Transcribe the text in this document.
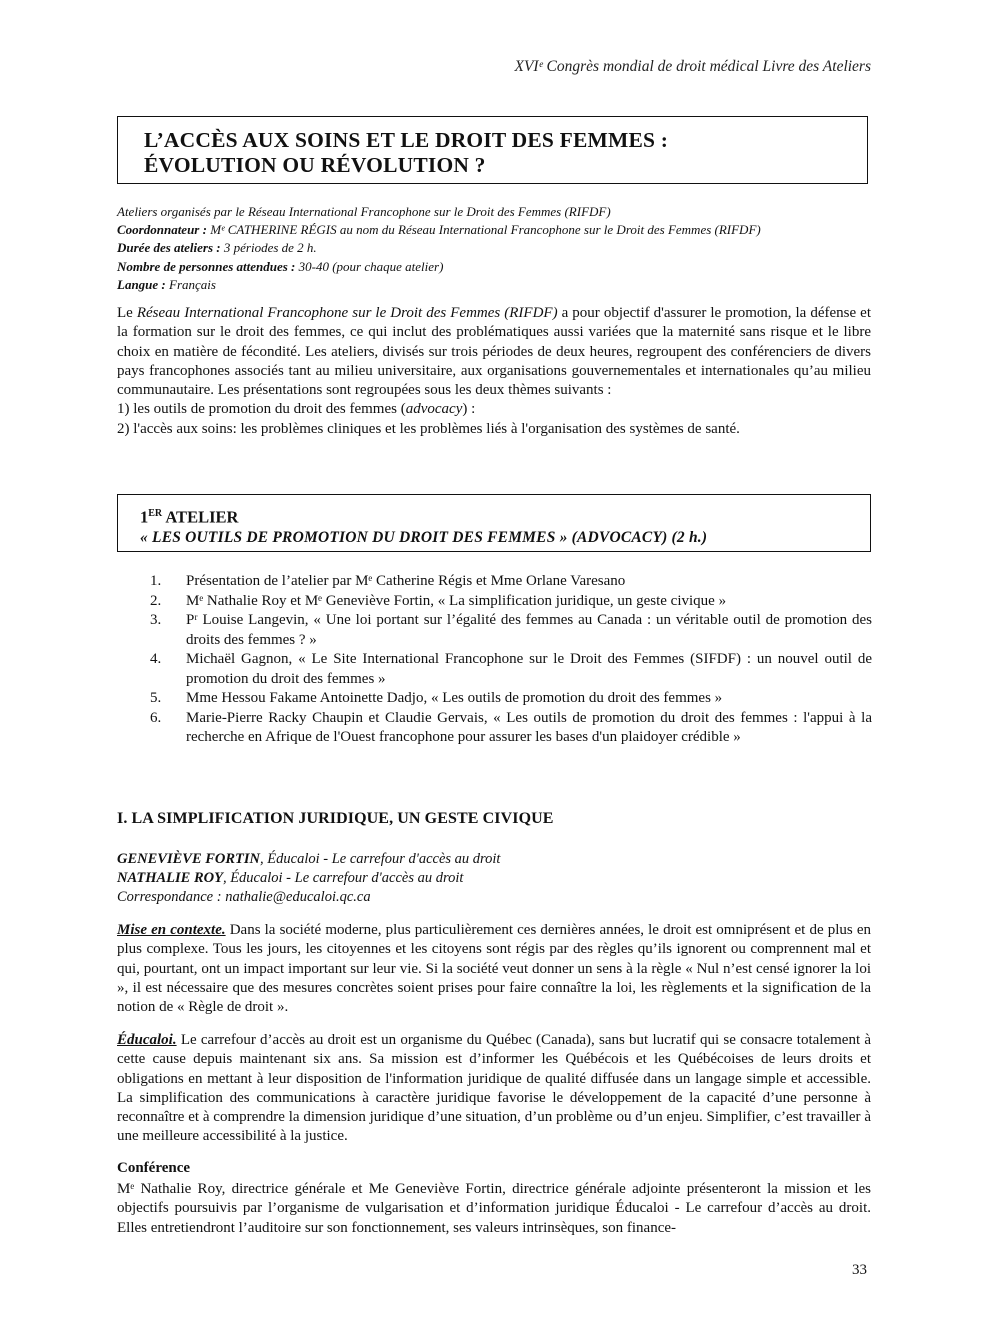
XVIᵉ Congrès mondial de droit médical Livre des Ateliers
L’ACCÈS AUX SOINS ET LE DROIT DES FEMMES :
ÉVOLUTION OU RÉVOLUTION ?
Ateliers organisés par le Réseau International Francophone sur le Droit des Femmes (RIFDF)
Coordonnateur : Mᵉ CATHERINE RÉGIS au nom du Réseau International Francophone sur le Droit des Femmes (RIFDF)
Durée des ateliers : 3 périodes de 2 h.
Nombre de personnes attendues : 30-40 (pour chaque atelier)
Langue : Français
Le Réseau International Francophone sur le Droit des Femmes (RIFDF) a pour objectif d'assurer le promotion, la défense et la formation sur le droit des femmes, ce qui inclut des problématiques aussi variées que la maternité sans risque et le libre choix en matière de fécondité. Les ateliers, divisés sur trois périodes de deux heures, regroupent des conférenciers de divers pays francophones associés tant au milieu universitaire, aux organisations gouvernementales et internationales qu’au milieu communautaire. Les présentations sont regroupées sous les deux thèmes suivants :
1) les outils de promotion du droit des femmes (advocacy) :
2) l'accès aux soins: les problèmes cliniques et les problèmes liés à l'organisation des systèmes de santé.
1ER ATELIER
« LES OUTILS DE PROMOTION DU DROIT DES FEMMES » (ADVOCACY) (2 h.)
1.	Présentation de l’atelier par Mᵉ Catherine Régis et Mme Orlane Varesano
2.	Mᵉ Nathalie Roy et Mᵉ Geneviève Fortin, « La simplification juridique, un geste civique »
3.	Pʳ Louise Langevin, « Une loi portant sur l’égalité des femmes au Canada : un véritable outil de promotion des droits des femmes ? »
4.	Michaël Gagnon, « Le Site International Francophone sur le Droit des Femmes (SIFDF) : un nouvel outil de promotion du droit des femmes »
5.	Mme Hessou Fakame Antoinette Dadjo, « Les outils de promotion du droit des femmes »
6.	Marie-Pierre Racky Chaupin et Claudie Gervais, « Les outils de promotion du droit des femmes : l'appui à la recherche en Afrique de l'Ouest francophone pour assurer les bases d'un plaidoyer crédible »
I. LA SIMPLIFICATION JURIDIQUE, UN GESTE CIVIQUE
GENEVIÈVE FORTIN, Éducaloi - Le carrefour d'accès au droit
NATHALIE ROY, Éducaloi - Le carrefour d'accès au droit
Correspondance : nathalie@educaloi.qc.ca
Mise en contexte. Dans la société moderne, plus particulièrement ces dernières années, le droit est omniprésent et de plus en plus complexe. Tous les jours, les citoyennes et les citoyens sont régis par des règles qu’ils ignorent ou comprennent mal et qui, pourtant, ont un impact important sur leur vie. Si la société veut donner un sens à la règle « Nul n’est censé ignorer la loi », il est nécessaire que des mesures concrètes soient prises pour faire connaître la loi, les règlements et la signification de la notion de « Règle de droit ».
Éducaloi. Le carrefour d’accès au droit est un organisme du Québec (Canada), sans but lucratif qui se consacre totalement à cette cause depuis maintenant six ans. Sa mission est d’informer les Québécois et les Québécoises de leurs droits et obligations en mettant à leur disposition de l'information juridique de qualité diffusée dans un langage simple et accessible. La simplification des communications à caractère juridique favorise le développement de la capacité d’une personne à reconnaître et à comprendre la dimension juridique d’une situation, d’un problème ou d’un enjeu. Simplifier, c’est travailler à une meilleure accessibilité à la justice.
Conférence
Mᵉ Nathalie Roy, directrice générale et Me Geneviève Fortin, directrice générale adjointe présenteront la mission et les objectifs poursuivis par l’organisme de vulgarisation et d’information juridique Éducaloi - Le carrefour d’accès au droit. Elles entretiendront l’auditoire sur son fonctionnement, ses valeurs intrinsèques, son finance-
33
